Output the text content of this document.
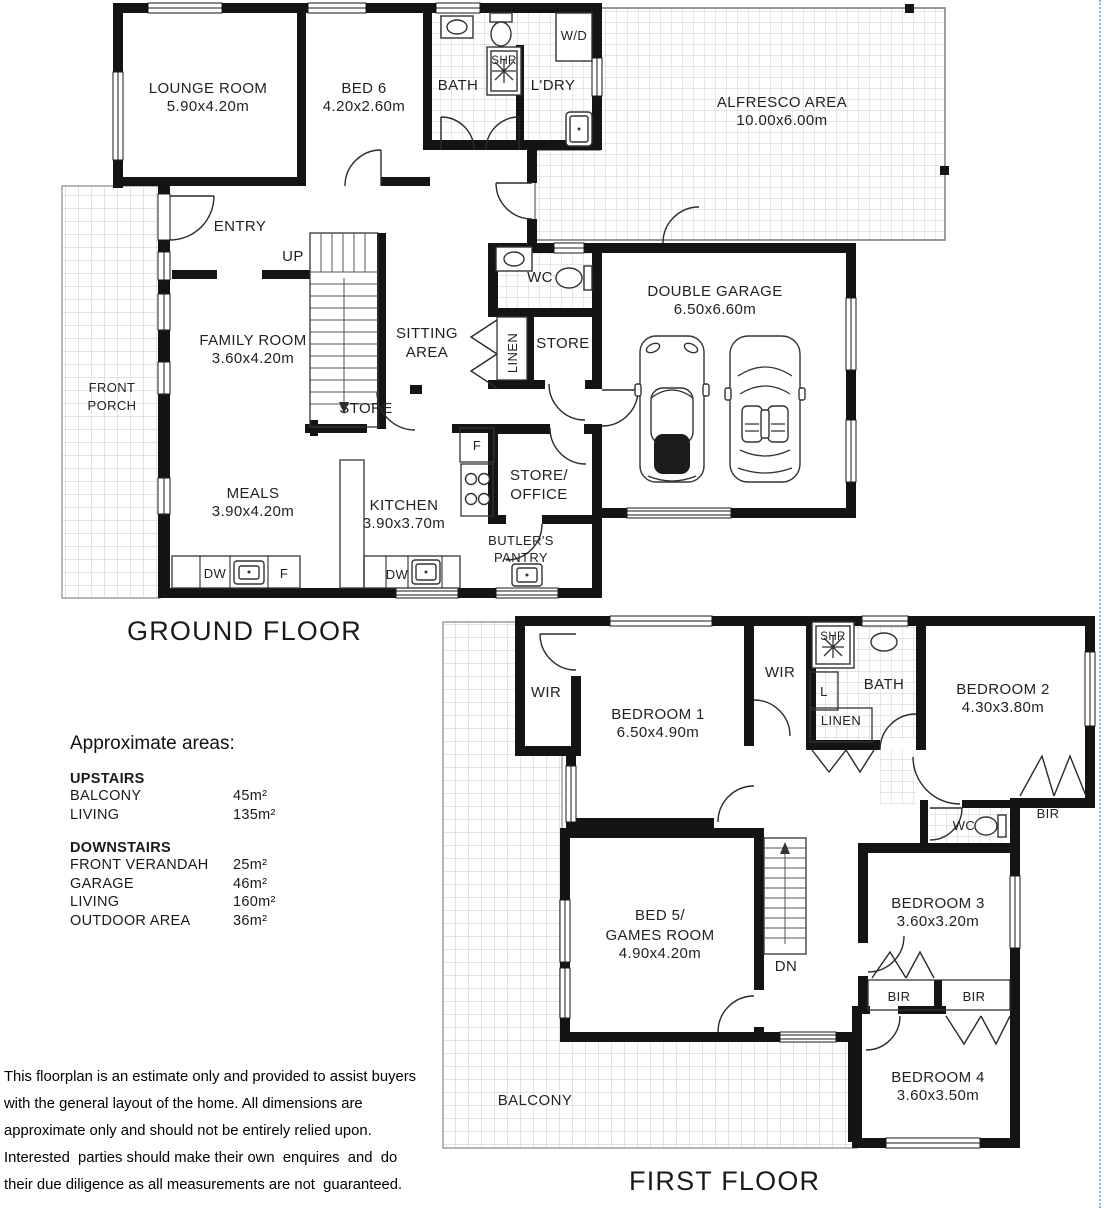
LOUNGE ROOM
5.90x4.20m
BED 6
4.20x2.60m
BATH
SHR
L'DRY
W/D
ALFRESCO AREA
10.00x6.00m
ENTRY
UP
FAMILY ROOM
3.60x4.20m
SITTING
AREA	LINEN
WC
STORE
DOUBLE GARAGE
6.50x6.60m
STORE
FRONT
PORCH
MEALS
3.90x4.20m	KITCHEN
3.90x3.70m
STORE/
OFFICE
BUTLER'S
PANTRY
DW	F	DW
F
WIR
BEDROOM 1
6.50x4.90m
WIR
SHR
L BATH
LINEN
BEDROOM 2
4.30x3.80m
BIR
WC
BED 5/
GAMES ROOM
4.90x4.20m
DN
BEDROOM 3
3.60x3.20m
BIR	BIR
BEDROOM 4
3.60x3.50m
BALCONY
GROUND FLOOR
FIRST FLOOR
Approximate areas:
UPSTAIRS
BALCONY	45m²
LIVING	135m²
DOWNSTAIRS
FRONT VERANDAH	25m²
GARAGE	46m²
LIVING	160m²
OUTDOOR AREA	36m²
This floorplan is an estimate only and provided to assist buyers
with the general layout of the home. All dimensions are
approximate only and should not be entirely relied upon.
Interested  parties should make their own  enquires  and  do
their due diligence as all measurements are not  guaranteed.
